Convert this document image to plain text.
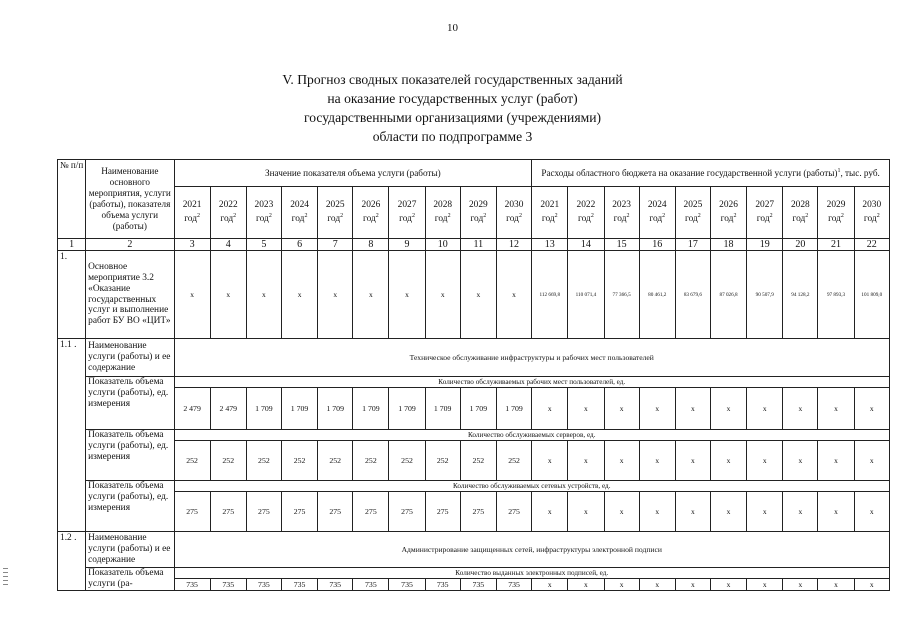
10
V. Прогноз сводных показателей государственных заданий
на оказание государственных услуг (работ)
государственными организациями (учреждениями)
области по подпрограмме 3
№ п/п	Наименование основного мероприятия, услуги (работы), показателя объема услуги (работы)	Значение показателя объема услуги (работы)										Расходы областного бюджета на оказание государственной услуги (работы)$^1$, тыс. руб.									
		2021
год$^2$	2022
год$^2$	2023
год$^2$	2024
год$^2$	2025
год$^2$	2026
год$^2$	2027
год$^2$	2028
год$^2$	2029
год$^2$	2030
год$^2$	2021
год$^2$	2022
год$^2$	2023
год$^2$	2024
год$^2$	2025
год$^2$	2026
год$^2$	2027
год$^2$	2028
год$^2$	2029
год$^2$	2030
год$^2$
1	2	3	4	5	6	7	8	9	10	11	12	13	14	15	16	17	18	19	20	21	22
1.	Основное мероприятие 3.2 «Оказание государственных услуг и выполнение работ БУ ВО «ЦИТ»	x	x	x	x	x	x	x	x	x	x	112 669,8	110 071,4	77 366,5	80 461,2	83 679,6	87 026,8	90 507,9	94 128,2	97 893,3	101 809,0
1.1 .	Наименование услуги (работы) и ее содержание	Техническое обслуживание инфраструктуры и рабочих мест пользователей																			
	Показатель объема услуги (работы), ед. измерения	Количество обслуживаемых рабочих мест пользователей, ед.																			
		2 479	2 479	1 709	1 709	1 709	1 709	1 709	1 709	1 709	1 709	x	x	x	x	x	x	x	x	x	x
	Показатель объема услуги (работы), ед. измерения	Количество обслуживаемых серверов, ед.																			
		252	252	252	252	252	252	252	252	252	252	x	x	x	x	x	x	x	x	x	x
	Показатель объема услуги (работы), ед. измерения	Количество обслуживаемых сетевых устройств, ед.																			
		275	275	275	275	275	275	275	275	275	275	x	x	x	x	x	x	x	x	x	x
1.2 .	Наименование услуги (работы) и ее содержание	Администрирование защищенных сетей, инфраструктуры электронной подписи																			
	Показатель объема услуги (ра-	Количество выданных электронных подписей, ед.																			
		735	735	735	735	735	735	735	735	735	735	x	x	x	x	x	x	x	x	x	x
